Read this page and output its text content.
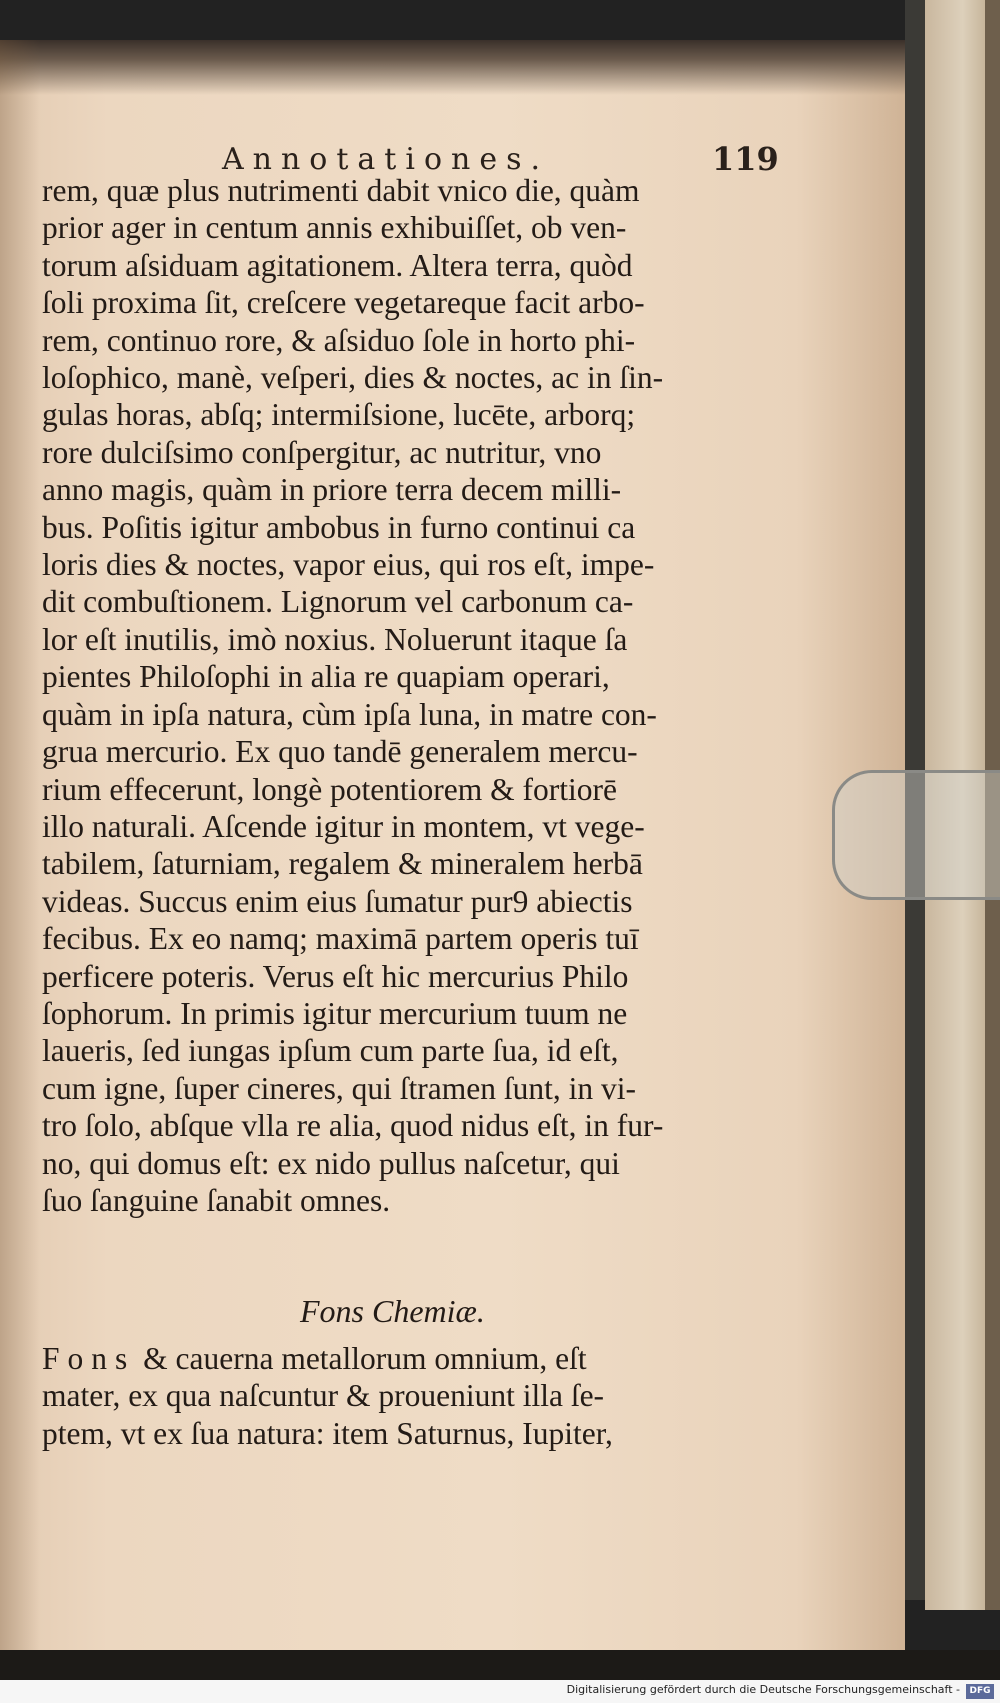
Annotationes.	119
rem, quæ plus nutrimenti dabit vnico die, quàm
prior ager in centum annis exhibuiſſet, ob ven-
torum aſsiduam agitationem. Altera terra, quòd
ſoli proxima ſit, creſcere vegetareque facit arbo-
rem, continuo rore, & aſsiduo ſole in horto phi-
loſophico, manè, veſperi, dies & noctes, ac in ſin-
gulas horas, abſq; intermiſsione, lucēte, arborq;
rore dulciſsimo conſpergitur, ac nutritur, vno
anno magis, quàm in priore terra decem milli-
bus. Poſitis igitur ambobus in furno continui ca
loris dies & noctes, vapor eius, qui ros eſt, impe-
dit combuſtionem. Lignorum vel carbonum ca-
lor eſt inutilis, imò noxius. Noluerunt itaque ſa
pientes Philoſophi in alia re quapiam operari,
quàm in ipſa natura, cùm ipſa luna, in matre con-
grua mercurio. Ex quo tandē generalem mercu-
rium effecerunt, longè potentiorem & fortiorē
illo naturali. Aſcende igitur in montem, vt vege-
tabilem, ſaturniam, regalem & mineralem herbā
videas. Succus enim eius ſumatur pur9 abiectis
fecibus. Ex eo namq; maximā partem operis tuī
perficere poteris. Verus eſt hic mercurius Philo
ſophorum. In primis igitur mercurium tuum ne
laueris, ſed iungas ipſum cum parte ſua, id eſt,
cum igne, ſuper cineres, qui ſtramen ſunt, in vi-
tro ſolo, abſque vlla re alia, quod nidus eſt, in fur-
no, qui domus eſt: ex nido pullus naſcetur, qui
ſuo ſanguine ſanabit omnes.
Fons Chemiæ.
Fons & cauerna metallorum omnium, eſt
mater, ex qua naſcuntur & proueniunt illa ſe-
ptem, vt ex ſua natura: item Saturnus, Iupiter,
Digitalisierung gefördert durch die Deutsche Forschungsgemeinschaft -	DFG
